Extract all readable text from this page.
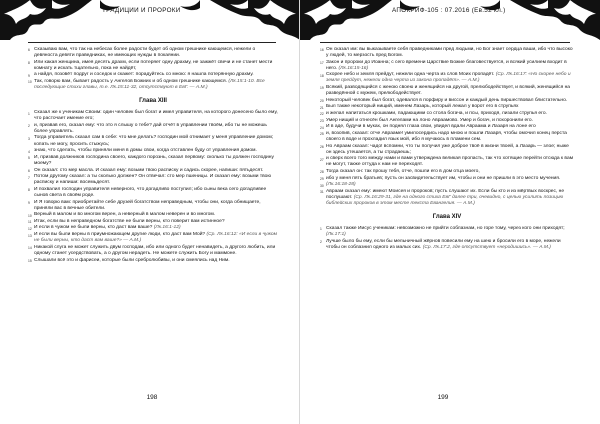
ТРАДИЦИИ И ПРОРОКИ
6 Сказываю вам, что так на небесах более радости будет об одном грешнике кающемся, нежели о девяноста девяти праведниках, не имеющих нужды в покаянии.
8 Или какая женщина, имея десять драхм, если потеряет одну драхму, не зажжёт свечи и не станет мести комнату и искать тщательно, пока не найдёт,
9 а найдя, позовёт подруг и соседок и скажет: порадуйтесь со мною: я нашла потерянную драхму.
10 Так, говорю вам, бывает радость у Ангелов Божиих и об одном грешнике кающемся. (Лк.15:1-10. Все последующие стихи главы, т.е. Лк.15:11-32, отсутствуют в ЕвГ. — А.М.)
Глава XIII
1 Сказал же к ученикам Своим: один человек был богат и имел управителя, на которого донесено было ему, что расточает имение его;
2 и, призвав его, сказал ему: что это я слышу о тебе? дай отчёт в управлении твоём, ибо ты не можешь более управлять.
3 Тогда управитель сказал сам в себе: что мне делать? господин мой отнимает у меня управление домом; копать не могу, просить стыжусь;
4 знаю, что сделать, чтобы приняли меня в домы свои, когда отставлен буду от управления домом.
5 И, призвав должников господина своего, каждого порознь, сказал первому: сколько ты должен господину моему?
6 Он сказал: сто мер масла. И сказал ему: возьми твою расписку и садись скорее, напиши: пятьдесят.
7 Потом другому сказал: а ты сколько должен? Он отвечал: сто мер пшеницы. И сказал ему: возьми твою расписку и напиши: восемьдесят.
8 И похвалил господин управителя неверного, что догадливо поступил; ибо сыны века сего догадливее сынов света в своём роде.
9 И Я говорю вам: приобретайте себе друзей богатством неправедным, чтобы они, когда обнищаете, приняли вас в вечные обители.
10 Верный в малом и во многом верен, а неверный в малом неверен и во многом.
11 Итак, если вы в неправедном богатстве не были верны, кто поверит вам истинное?
12 И если в чужом не были верны, кто даст вам ваше? (Лк.16:1-12)
13 И если вы были верны в приумножающем другие люди, кто даст вам Мой? (Ср. Лк.16:12: «И если в чужом не были верны, кто даст вам ваше?» — А.М.)
14 Никакой слуга не может служить двум господам, ибо или одного будет ненавидеть, а другого любить, или одному станет усердствовать, а о другом нерадеть. Не можете служить Богу и маммоне.
15 Слышали всё это и фарисеи, которые были сребролюбивы, и они смеялись над Ним.
198
АПОКРИФ-105 : 07.2016 (Ев.52 кл.)
16 Он сказал им: вы выказываете себя праведниками пред людьми, но Бог знает сердца ваши, ибо что высоко у людей, то мерзость пред Богом.
17 Закон и пророки до Иоанна; с сего времени Царствие Божие благовествуется, и всякий усилием входит в него. (Лк.16:15-16)
18 Скорее небо и земля прейдут, нежели одна черта из слов Моих пропадёт. (Ср. Лк.16:17: «Но скорее небо и земля прейдут, нежели одна черта из закона пропадёт». — А.М.)
19 Всякий, разводящийся с женою своею и женящийся на другой, прелюбодействует, и всякий, женящийся на разведённой с мужем, прелюбодействует.
20 Некоторый человек был богат, одевался в порфиру и виссон и каждый день пиршествовал блистательно.
21 Был также некоторый нищий, именем Лазарь, который лежал у ворот его в струпьях
22 и желал напитаться крошками, падающими со стола богача, и псы, приходя, лизали струпья его.
23 Умер нищий и отнесён был Ангелами на лоно Авраамово. Умер и богач, и похоронили его.
24 И в аде, будучи в муках, он поднял глаза свои, увидел вдали Авраама и Лазаря на лоне его
25 и, возопив, сказал: отче Аврааме! умилосердись надо мною и пошли Лазаря, чтобы омочил конец перста своего в воде и прохладил язык мой, ибо я мучаюсь в пламени сем.
26 Но Авраам сказал: чадо! вспомни, что ты получил уже доброе твоё в жизни твоей, а Лазарь — злое; ныже он здесь утешается, а ты страдаешь;
27 и сверх всего того между нами и вами утверждена великая пропасть, так что хотящие перейти отсюда к вам не могут, также оттуда к нам не переходят.
28 Тогда сказал он: так прошу тебя, отче, пошли его в дом отца моего,
29 ибо у меня пять братьев; пусть он засвидетельствует им, чтобы и они не пришли в это место мучения.
30 (Лк.16:18-28)
31 Авраам сказал ему: имеют Моисея и пророков; пусть слушают их. Если бы кто и из мёртвых воскрес, не послушают. (Ср. Лк.16:29-31, где на одного стиха ЕвГ далее три, очевидно, с целью усилить позицию библейских пророков в этом месте текста Евангелия. — А.М.)
Глава XIV
1 Сказал также Иисус ученикам: невозможно не прийти соблазнам, но горе тому, через кого они приходят; (Лк.17:1)
2 Лучше было бы ему, если бы мельничный жёрнов повесили ему на шею и бросили его в море, нежели чтобы он соблазнил одного из малых сих. (Ср. Лк.17:2, где отсутствует «неродишись». — А.М.)
199
